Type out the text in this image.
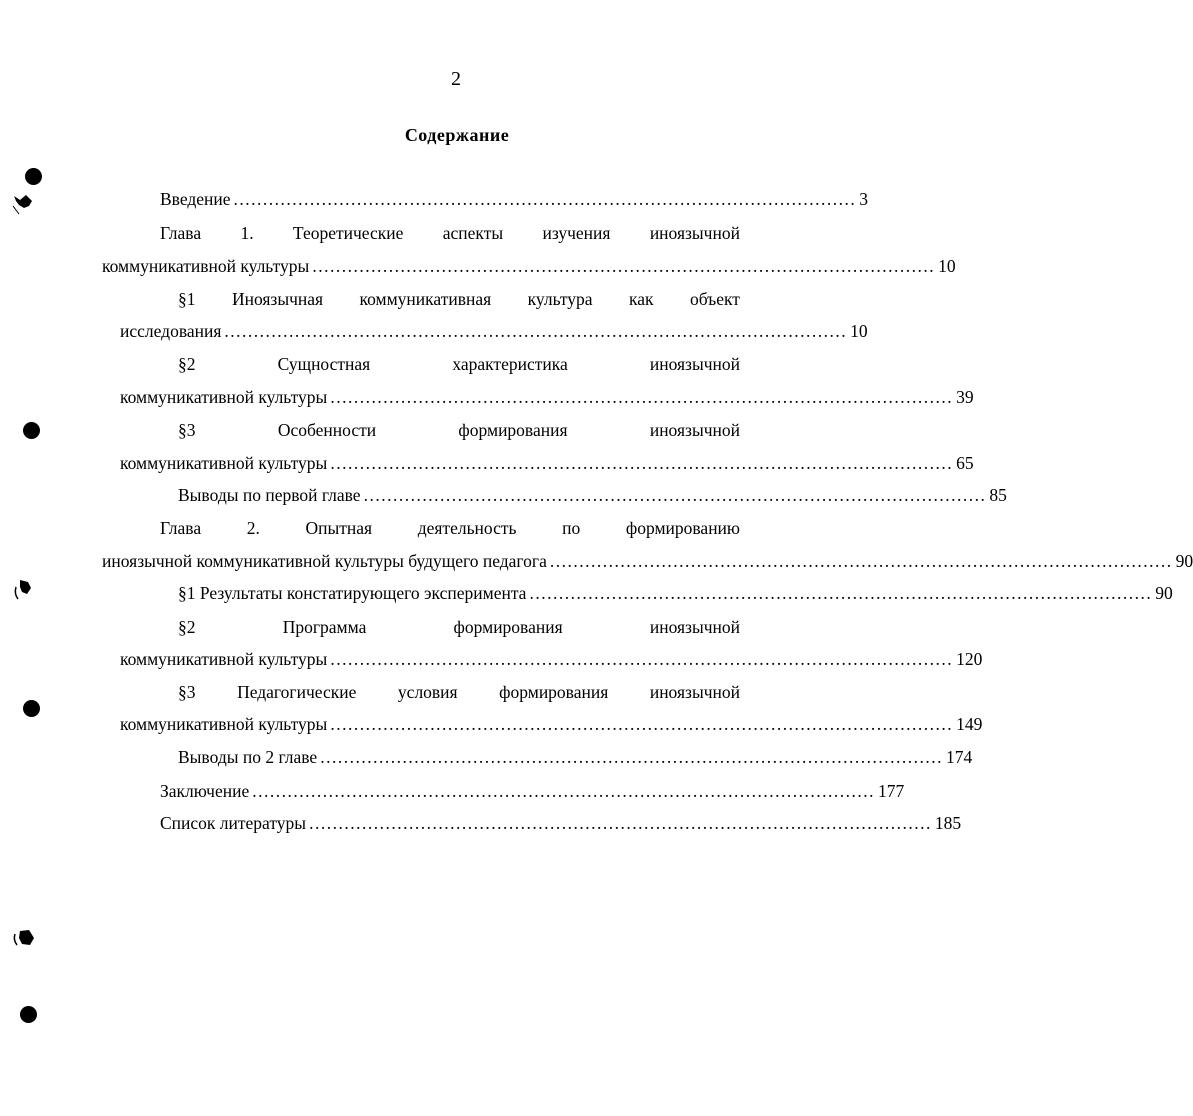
2
Содержание
Введение .......................................................................................................... 3
Глава 1. Теоретические аспекты изучения иноязычной
коммуникативной культуры .......................................................................................................... 10
§1 Иноязычная коммуникативная культура как объект
исследования .......................................................................................................... 10
§2	Сущностная	характеристика	иноязычной
коммуникативной культуры .......................................................................................................... 39
§3	Особенности	формирования	иноязычной
коммуникативной культуры .......................................................................................................... 65
Выводы по первой главе .......................................................................................................... 85
Глава	2.	Опытная	деятельность	по	формированию
иноязычной коммуникативной культуры будущего педагога .......................................................................................................... 90
§1 Результаты констатирующего эксперимента .......................................................................................................... 90
§2	Программа	формирования	иноязычной
коммуникативной культуры .......................................................................................................... 120
§3 Педагогические условия формирования иноязычной
коммуникативной культуры .......................................................................................................... 149
Выводы по 2 главе .......................................................................................................... 174
Заключение .......................................................................................................... 177
Список литературы .......................................................................................................... 185
